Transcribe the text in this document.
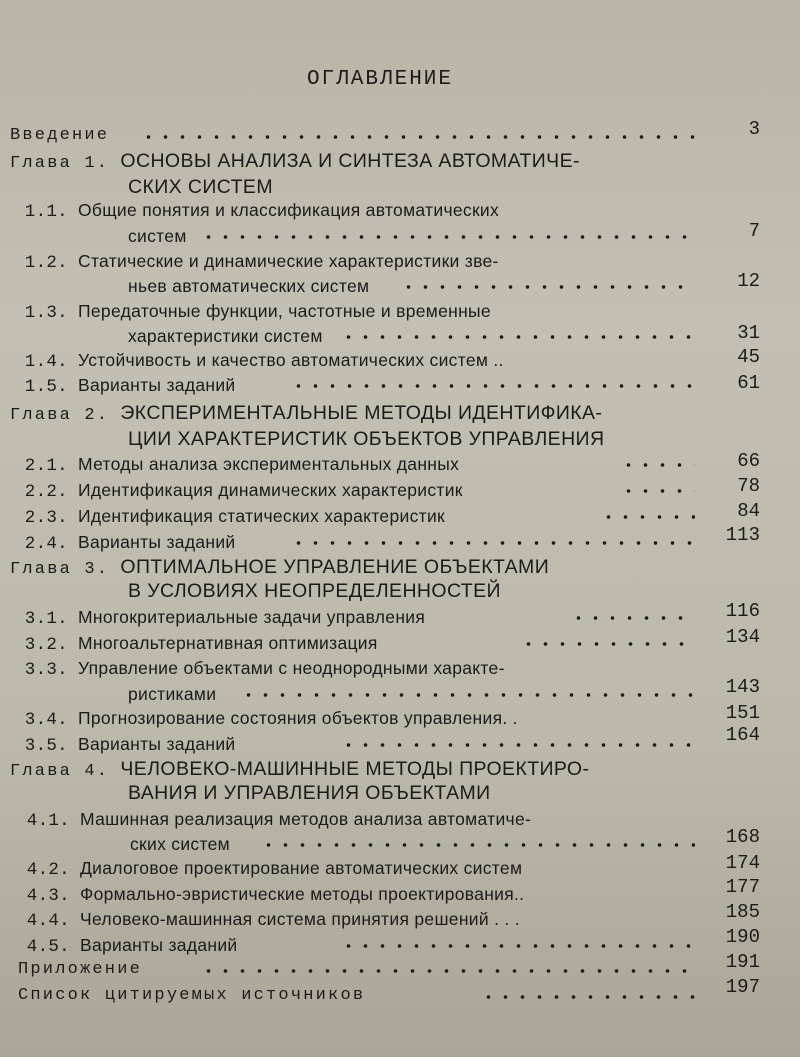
ОГЛАВЛЕНИЕ
Введение	3
Глава 1. ОСНОВЫ АНАЛИЗА И СИНТЕЗА АВТОМАТИЧЕ-
СКИХ СИСТЕМ
1.1. Общие понятия и классификация автоматических
систем	7
1.2. Статические и динамические характеристики зве-
ньев автоматических систем	12
1.3. Передаточные функции, частотные и временные
характеристики систем	31
1.4. Устойчивость и качество автоматических систем ..	45
1.5. Варианты заданий	61
Глава 2. ЭКСПЕРИМЕНТАЛЬНЫЕ МЕТОДЫ ИДЕНТИФИКА-
ЦИИ ХАРАКТЕРИСТИК ОБЪЕКТОВ УПРАВЛЕНИЯ
2.1. Методы анализа экспериментальных данных	66
2.2. Идентификация динамических характеристик	78
2.3. Идентификация статических характеристик	84
2.4. Варианты заданий	113
Глава 3. ОПТИМАЛЬНОЕ УПРАВЛЕНИЕ ОБЪЕКТАМИ
В УСЛОВИЯХ НЕОПРЕДЕЛЕННОСТЕЙ
3.1. Многокритериальные задачи управления	116
3.2. Многоальтернативная оптимизация	134
3.3. Управление объектами с неоднородными характе-
ристиками	143
3.4. Прогнозирование состояния объектов управления. .	151
3.5. Варианты заданий	164
Глава 4. ЧЕЛОВЕКО-МАШИННЫЕ МЕТОДЫ ПРОЕКТИРО-
ВАНИЯ И УПРАВЛЕНИЯ ОБЪЕКТАМИ
4.1. Машинная реализация методов анализа автоматиче-
ских систем	168
4.2. Диалоговое проектирование автоматических систем	174
4.3. Формально-эвристические методы проектирования..	177
4.4. Человеко-машинная система принятия решений . . .	185
4.5. Варианты заданий	190
Приложение	191
Список цитируемых источников	197
